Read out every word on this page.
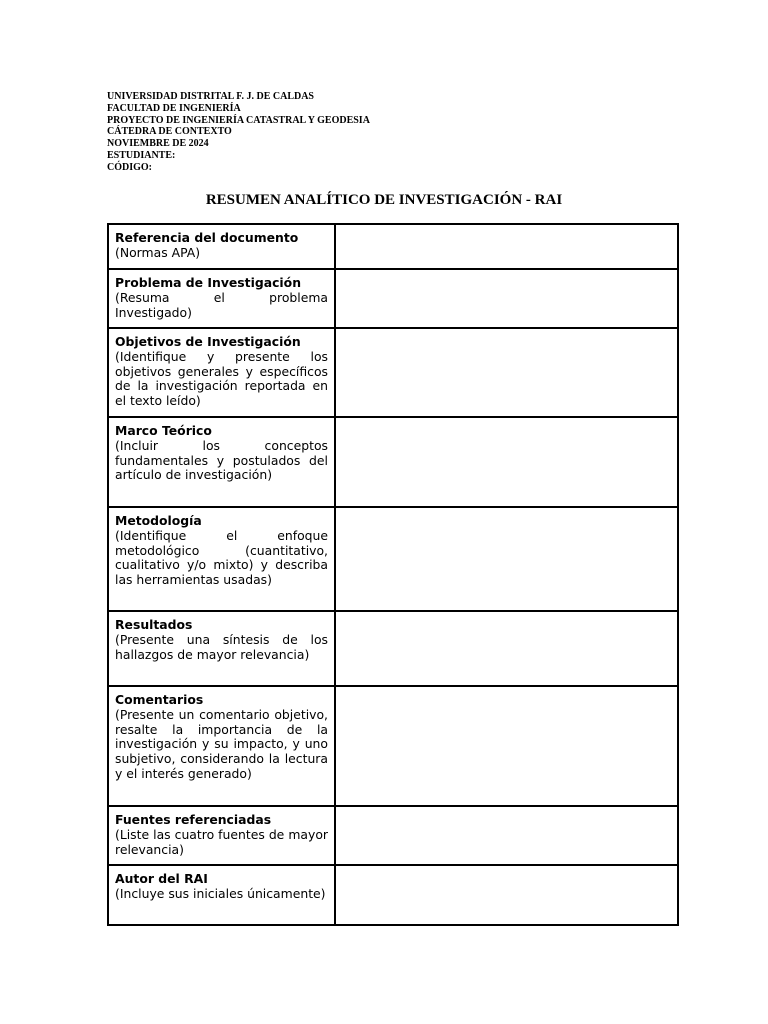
UNIVERSIDAD DISTRITAL F. J. DE CALDAS
FACULTAD DE INGENIERÍA
PROYECTO DE INGENIERÍA CATASTRAL Y GEODESIA
CÁTEDRA DE CONTEXTO
NOVIEMBRE DE 2024
ESTUDIANTE:
CÓDIGO:
RESUMEN ANALÍTICO DE INVESTIGACIÓN - RAI
Referencia del documento
(Normas APA)	

Problema de Investigación
(Resuma el problema Investigado)	

Objetivos de Investigación
(Identifique y presente los objetivos generales y específicos de la investigación reportada en el texto leído)	

Marco Teórico
(Incluir los conceptos fundamentales y postulados del artículo de investigación)	

Metodología
(Identifique el enfoque metodológico (cuantitativo, cualitativo y/o mixto) y describa las herramientas usadas)	

Resultados
(Presente una síntesis de los hallazgos de mayor relevancia)	

Comentarios
(Presente un comentario objetivo, resalte la importancia de la investigación y su impacto, y uno subjetivo, considerando la lectura y el interés generado)	

Fuentes referenciadas
(Liste las cuatro fuentes de mayor relevancia)	

Autor del RAI
(Incluye sus iniciales únicamente)	
